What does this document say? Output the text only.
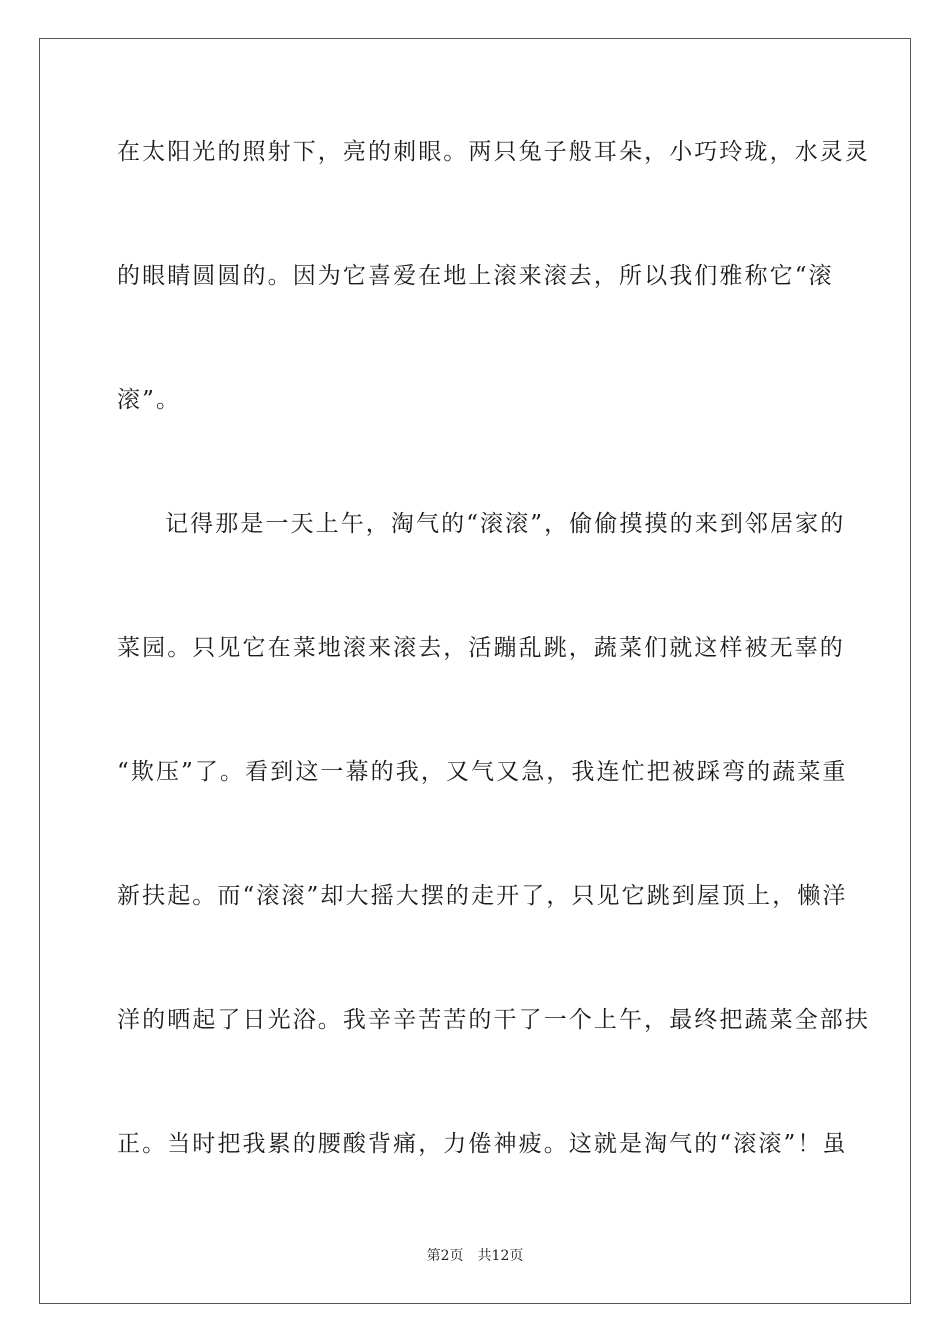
在太阳光的照射下，亮的刺眼。两只兔子般耳朵，小巧玲珑，水灵灵
的眼睛圆圆的。因为它喜爱在地上滚来滚去，所以我们雅称它“滚
滚”。
记得那是一天上午，淘气的“滚滚”，偷偷摸摸的来到邻居家的
菜园。只见它在菜地滚来滚去，活蹦乱跳，蔬菜们就这样被无辜的
“欺压”了。看到这一幕的我，又气又急，我连忙把被踩弯的蔬菜重
新扶起。而“滚滚”却大摇大摆的走开了，只见它跳到屋顶上，懒洋
洋的晒起了日光浴。我辛辛苦苦的干了一个上午，最终把蔬菜全部扶
正。当时把我累的腰酸背痛，力倦神疲。这就是淘气的“滚滚”！虽
第2页 共12页
